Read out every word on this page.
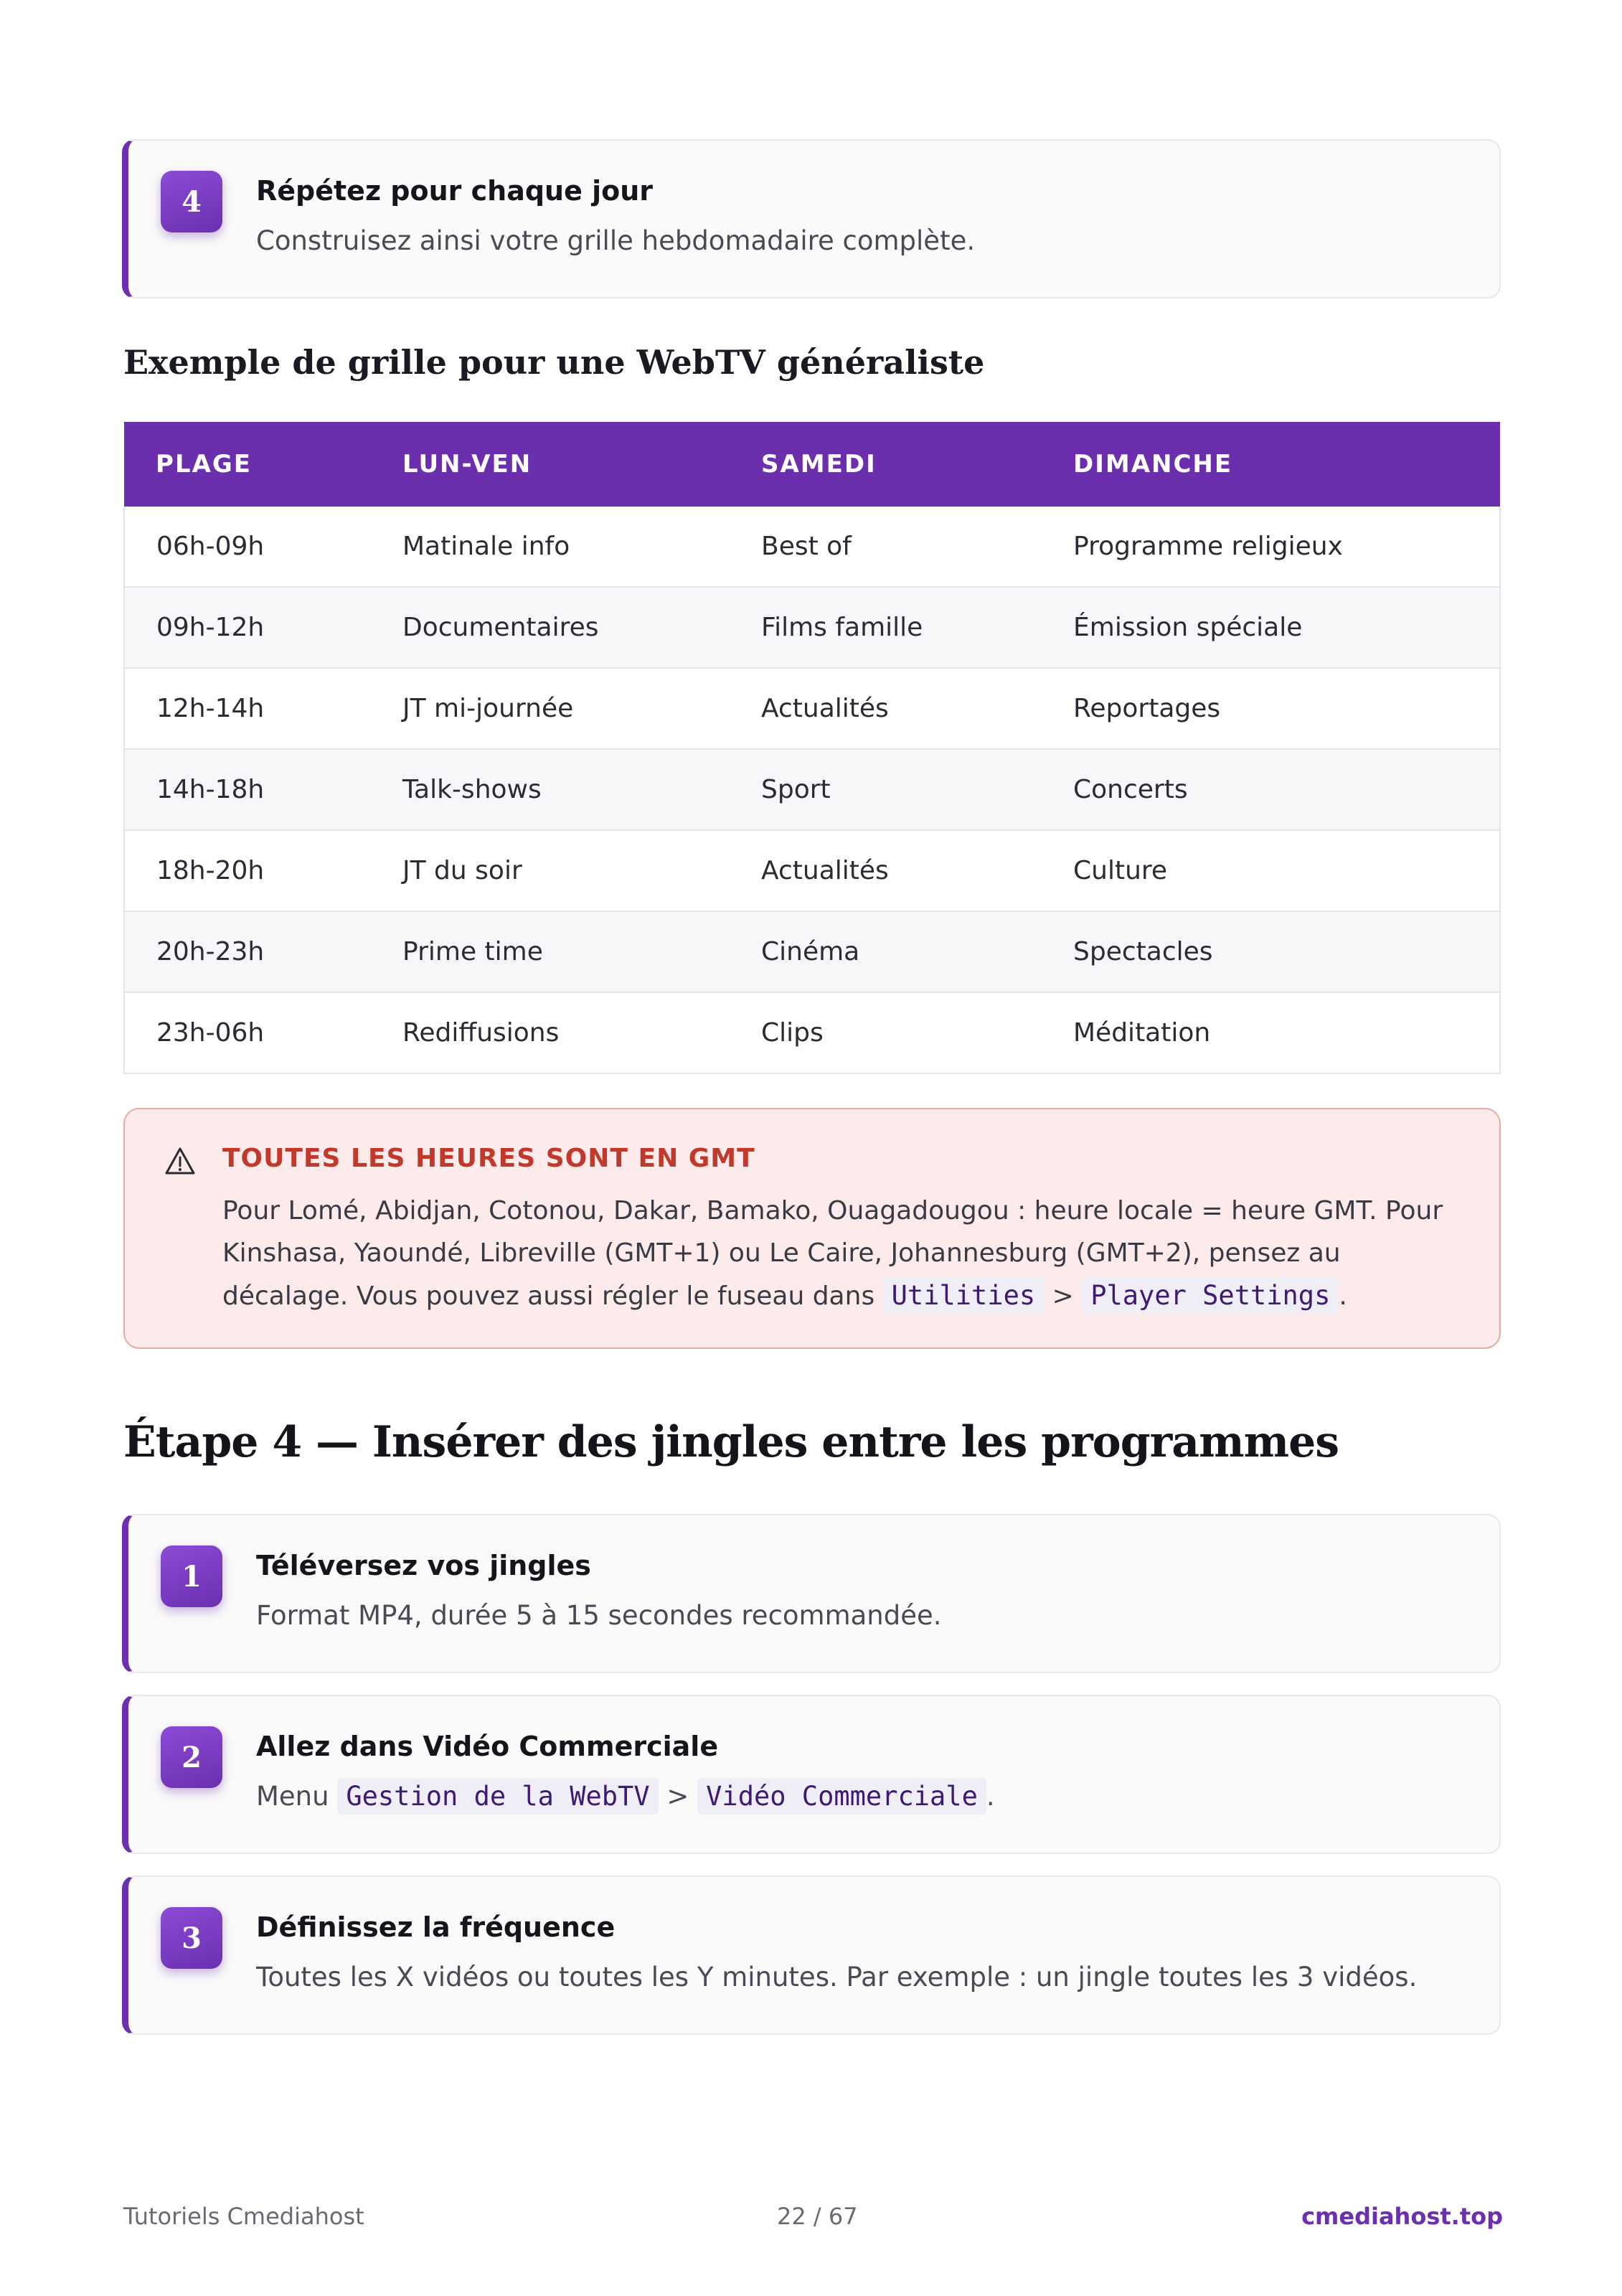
4	Répétez pour chaque jour
Construisez ainsi votre grille hebdomadaire complète.
Exemple de grille pour une WebTV généraliste
PLAGE	LUN-VEN	SAMEDI	DIMANCHE
06h-09h	Matinale info	Best of	Programme religieux
09h-12h	Documentaires	Films famille	Émission spéciale
12h-14h	JT mi-journée	Actualités	Reportages
14h-18h	Talk-shows	Sport	Concerts
18h-20h	JT du soir	Actualités	Culture
20h-23h	Prime time	Cinéma	Spectacles
23h-06h	Rediffusions	Clips	Méditation
TOUTES LES HEURES SONT EN GMT
Pour Lomé, Abidjan, Cotonou, Dakar, Bamako, Ouagadougou : heure locale = heure GMT. Pour Kinshasa, Yaoundé, Libreville (GMT+1) ou Le Caire, Johannesburg (GMT+2), pensez au décalage. Vous pouvez aussi régler le fuseau dans Utilities > Player Settings .
Étape 4 — Insérer des jingles entre les programmes
1	Téléversez vos jingles
Format MP4, durée 5 à 15 secondes recommandée.
2	Allez dans Vidéo Commerciale
Menu Gestion de la WebTV > Vidéo Commerciale .
3	Définissez la fréquence
Toutes les X vidéos ou toutes les Y minutes. Par exemple : un jingle toutes les 3 vidéos.
Tutoriels Cmediahost	22 / 67	cmediahost.top
